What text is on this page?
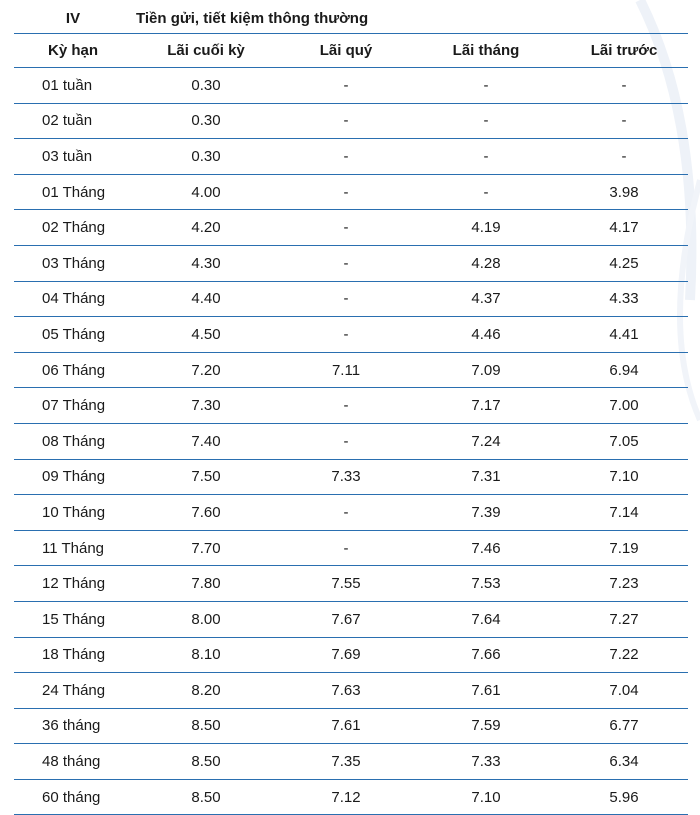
IV	Tiền gửi, tiết kiệm thông thường			
Kỳ hạn	Lãi cuối kỳ	Lãi quý	Lãi tháng	Lãi trước
01 tuần	0.30	-	-	-
02 tuần	0.30	-	-	-
03 tuần	0.30	-	-	-
01 Tháng	4.00	-	-	3.98
02 Tháng	4.20	-	4.19	4.17
03 Tháng	4.30	-	4.28	4.25
04 Tháng	4.40	-	4.37	4.33
05 Tháng	4.50	-	4.46	4.41
06 Tháng	7.20	7.11	7.09	6.94
07 Tháng	7.30	-	7.17	7.00
08 Tháng	7.40	-	7.24	7.05
09 Tháng	7.50	7.33	7.31	7.10
10 Tháng	7.60	-	7.39	7.14
11 Tháng	7.70	-	7.46	7.19
12 Tháng	7.80	7.55	7.53	7.23
15 Tháng	8.00	7.67	7.64	7.27
18 Tháng	8.10	7.69	7.66	7.22
24 Tháng	8.20	7.63	7.61	7.04
36 tháng	8.50	7.61	7.59	6.77
48 tháng	8.50	7.35	7.33	6.34
60 tháng	8.50	7.12	7.10	5.96
